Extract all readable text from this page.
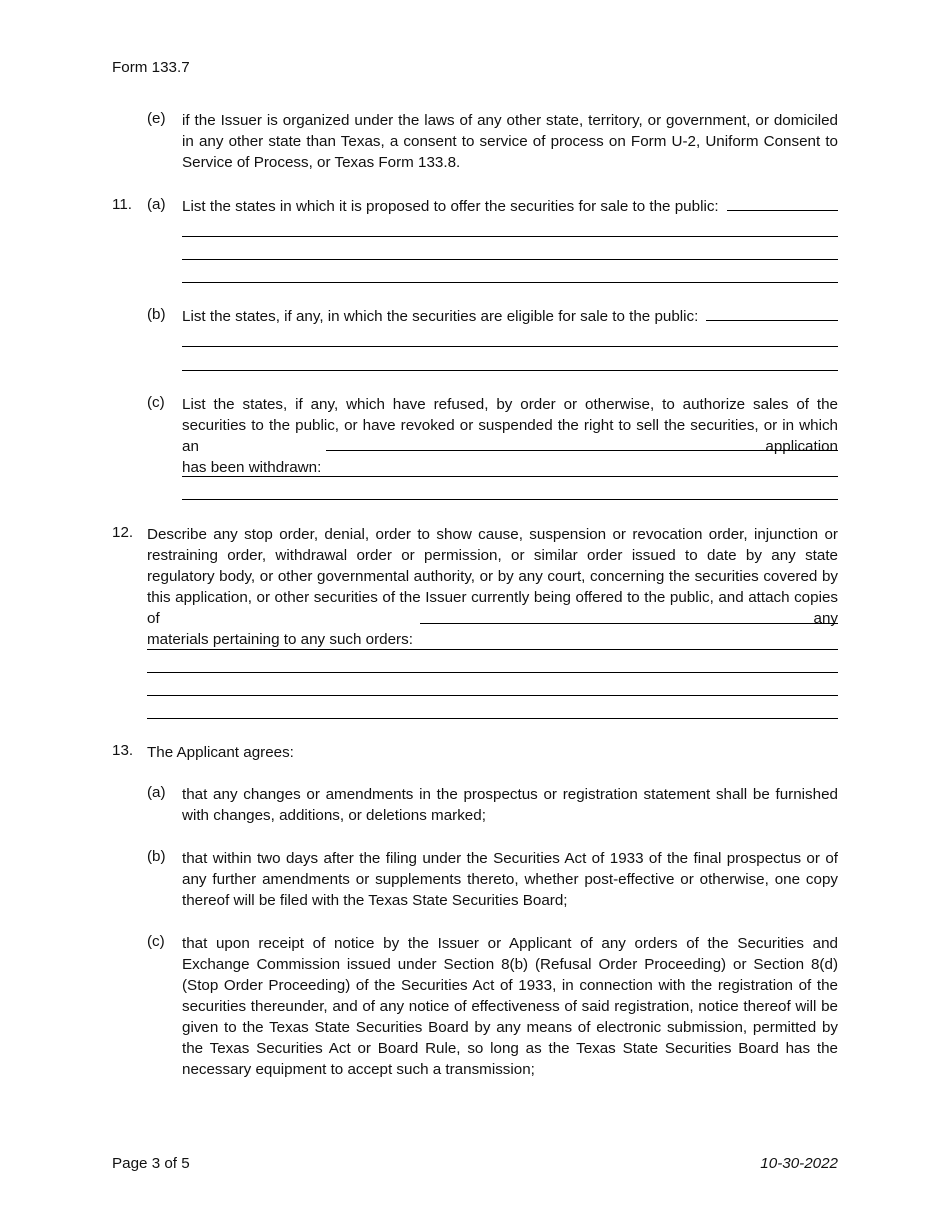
Form 133.7
(e)	if the Issuer is organized under the laws of any other state, territory, or government, or domiciled in any other state than Texas, a consent to service of process on Form U-2, Uniform Consent to Service of Process, or Texas Form 133.8.
11. (a)	List the states in which it is proposed to offer the securities for sale to the public:
(b)	List the states, if any, in which the securities are eligible for sale to the public:
(c)	List the states, if any, which have refused, by order or otherwise, to authorize sales of the securities to the public, or have revoked or suspended the right to sell the securities, or in which an application
has been withdrawn:
12. Describe any stop order, denial, order to show cause, suspension or revocation order, injunction or restraining order, withdrawal order or permission, or similar order issued to date by any state regulatory body, or other governmental authority, or by any court, concerning the securities covered by this application, or other securities of the Issuer currently being offered to the public, and attach copies of any
materials pertaining to any such orders:
13. The Applicant agrees:
(a)	that any changes or amendments in the prospectus or registration statement shall be furnished with changes, additions, or deletions marked;
(b)	that within two days after the filing under the Securities Act of 1933 of the final prospectus or of any further amendments or supplements thereto, whether post-effective or otherwise, one copy thereof will be filed with the Texas State Securities Board;
(c)	that upon receipt of notice by the Issuer or Applicant of any orders of the Securities and Exchange Commission issued under Section 8(b) (Refusal Order Proceeding) or Section 8(d) (Stop Order Proceeding) of the Securities Act of 1933, in connection with the registration of the securities thereunder, and of any notice of effectiveness of said registration, notice thereof will be given to the Texas State Securities Board by any means of electronic submission, permitted by the Texas Securities Act or Board Rule, so long as the Texas State Securities Board has the necessary equipment to accept such a transmission;
Page 3 of 5	10-30-2022
